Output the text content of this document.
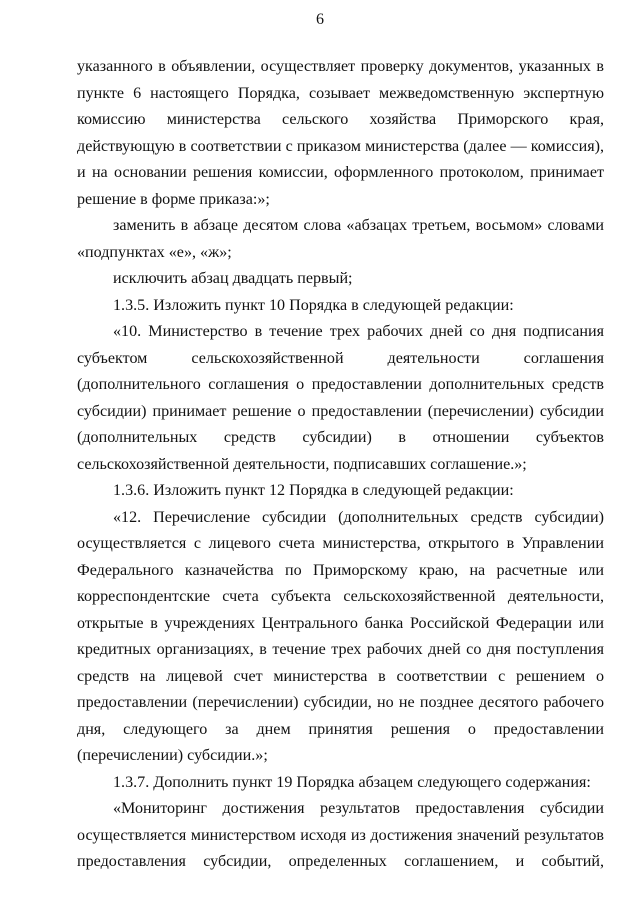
6

указанного в объявлении, осуществляет проверку документов, указанных в пункте 6 настоящего Порядка, созывает межведомственную экспертную комиссию министерства сельского хозяйства Приморского края, действующую в соответствии с приказом министерства (далее — комиссия), и на основании решения комиссии, оформленного протоколом, принимает решение в форме приказа:»;

заменить в абзаце десятом слова «абзацах третьем, восьмом» словами «подпунктах «е», «ж»;

исключить абзац двадцать первый;

1.3.5. Изложить пункт 10 Порядка в следующей редакции:

«10. Министерство в течение трех рабочих дней со дня подписания субъектом сельскохозяйственной деятельности соглашения (дополнительного соглашения о предоставлении дополнительных средств субсидии) принимает решение о предоставлении (перечислении) субсидии (дополнительных средств субсидии) в отношении субъектов сельскохозяйственной деятельности, подписавших соглашение.»;

1.3.6. Изложить пункт 12 Порядка в следующей редакции:

«12. Перечисление субсидии (дополнительных средств субсидии) осуществляется с лицевого счета министерства, открытого в Управлении Федерального казначейства по Приморскому краю, на расчетные или корреспондентские счета субъекта сельскохозяйственной деятельности, открытые в учреждениях Центрального банка Российской Федерации или кредитных организациях, в течение трех рабочих дней со дня поступления средств на лицевой счет министерства в соответствии с решением о предоставлении (перечислении) субсидии, но не позднее десятого рабочего дня, следующего за днем принятия решения о предоставлении (перечислении) субсидии.»;

1.3.7. Дополнить пункт 19 Порядка абзацем следующего содержания:

«Мониторинг достижения результатов предоставления субсидии осуществляется министерством исходя из достижения значений результатов предоставления субсидии, определенных соглашением, и событий,
